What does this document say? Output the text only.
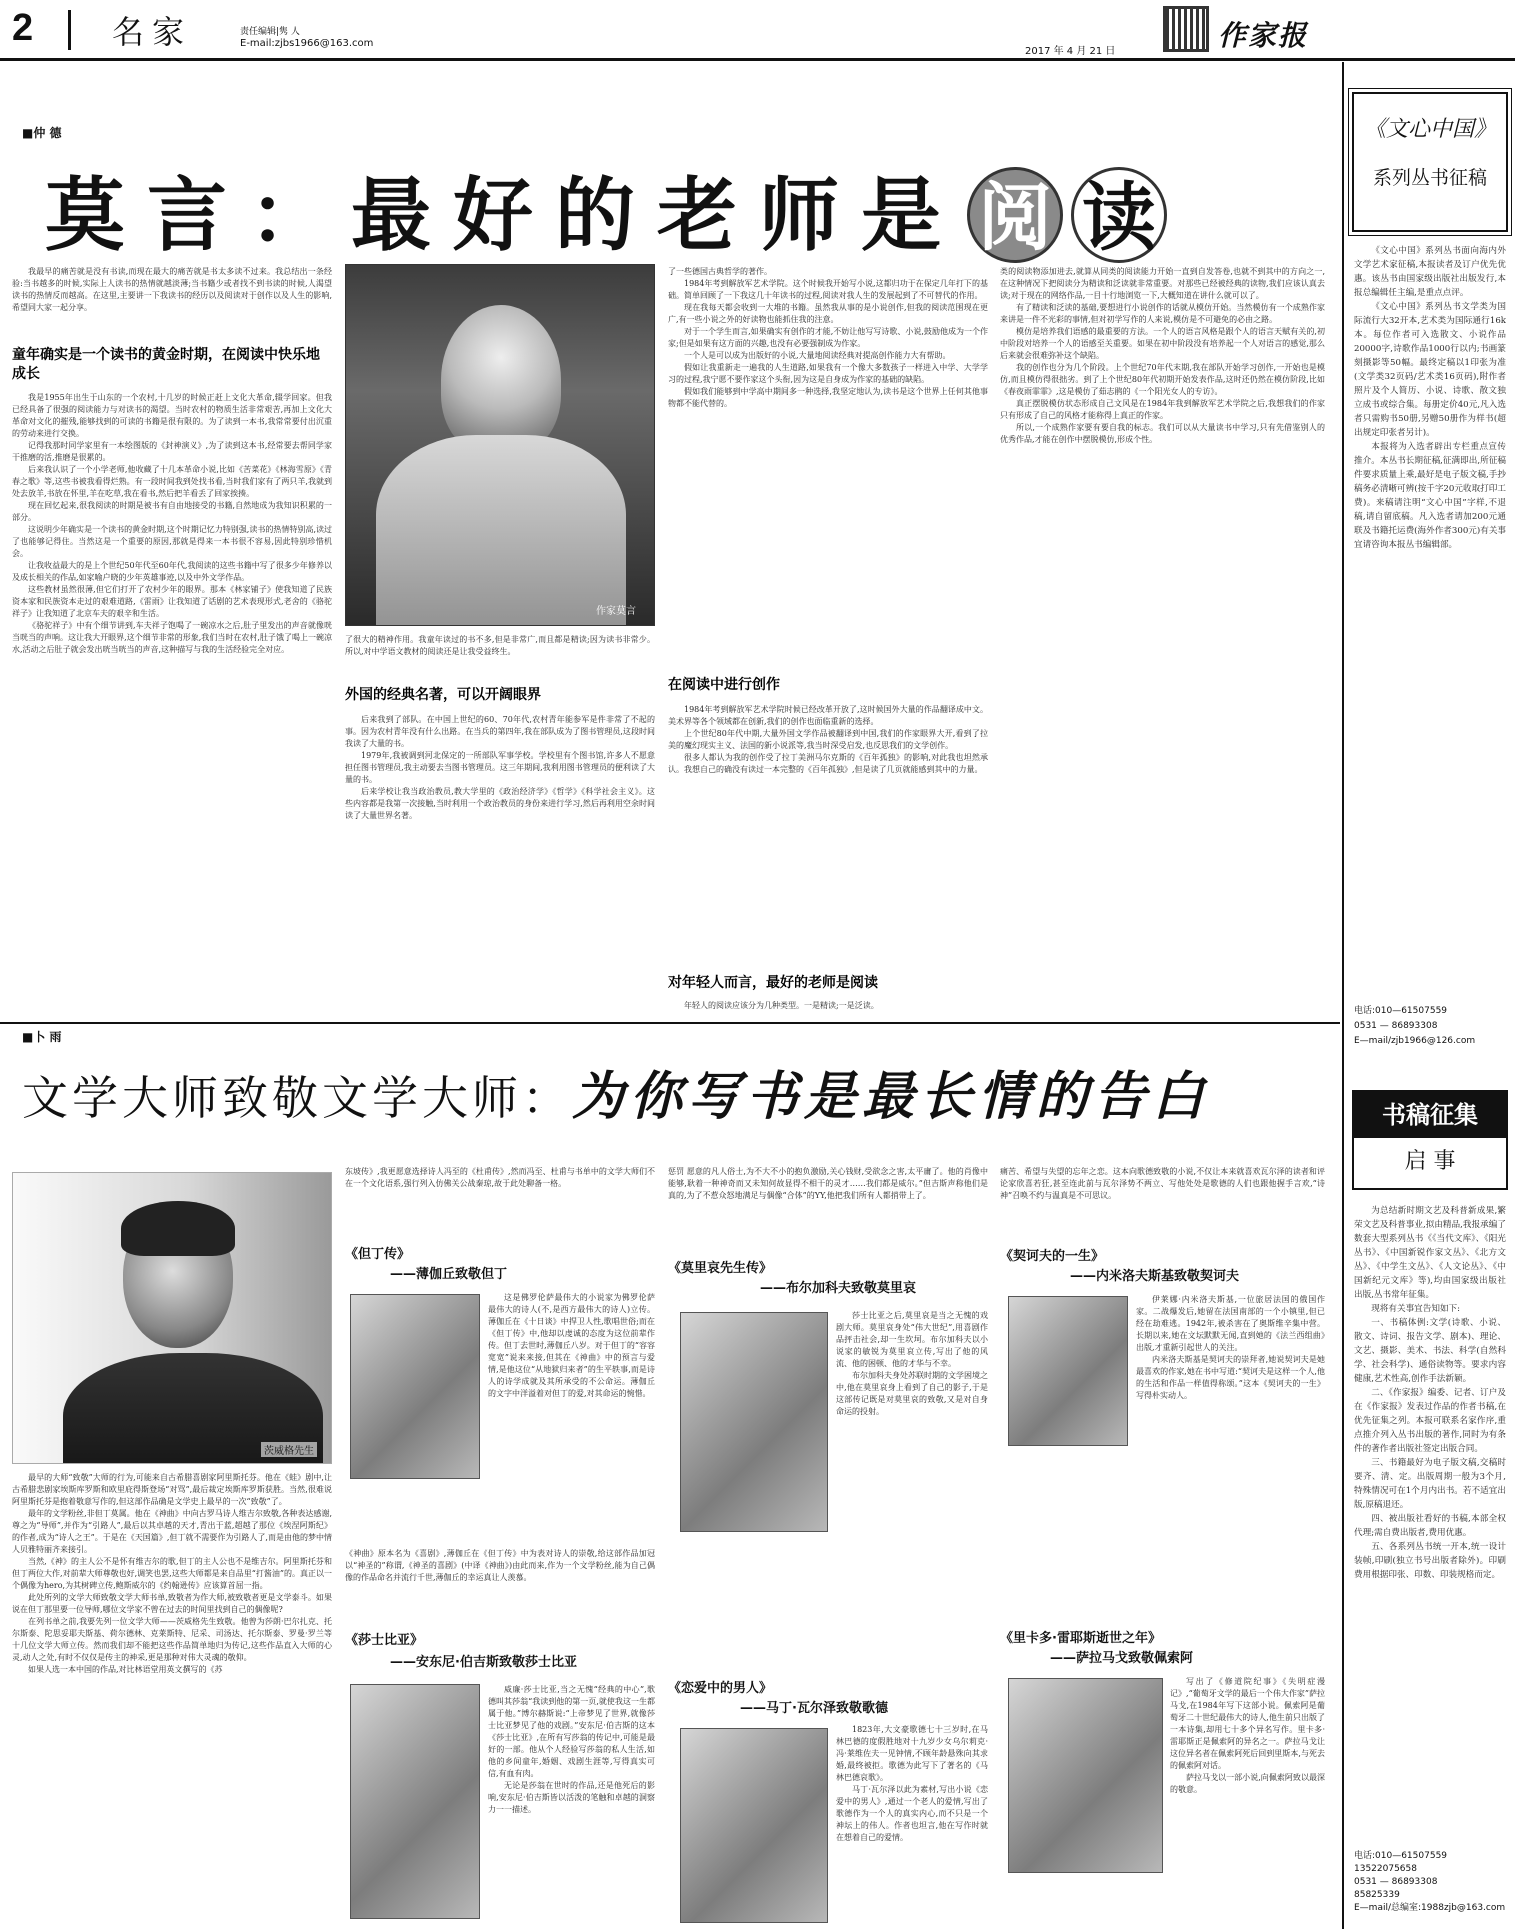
2 名家	责任编辑|隽 人
E-mail:zjbs1966@163.com
2017 年 4 月 21 日	作家报
■仲 德
莫言：最好的老师是 阅 读
我最早的痛苦就是没有书读,而现在最大的痛苦就是书太多读不过来。我总结出一条经验:当书越多的时候,实际上人读书的热情就越淡薄;当书籍少或者找不到书读的时候,人渴望读书的热情反而越高。在这里,主要讲一下我读书的经历以及阅读对于创作以及人生的影响,希望同大家一起分享。
童年确实是一个读书的黄金时期，在阅读中快乐地成长

我是1955年出生于山东的一个农村,十几岁的时候正赶上文化大革命,辍学回家。但我已经具备了很强的阅读能力与对读书的渴望。当时农村的物质生活非常艰苦,再加上文化大革命对文化的摧残,能够找到的可读的书籍是很有限的。为了读到一本书,我常常要付出沉重的劳动来进行交换。

记得我那时同学家里有一本绘图版的《封神演义》,为了读到这本书,经常要去帮同学家干推磨的活,推磨是很累的。

后来我认识了一个小学老师,他收藏了十几本革命小说,比如《苦菜花》《林海雪原》《青春之歌》等,这些书被我看得烂熟。有一段时间我到处找书看,当时我们家有了两只羊,我就到处去放羊,书放在怀里,羊在吃草,我在看书,然后把羊看丢了回家挨揍。

现在回忆起来,很我阅读的时期是被书有自由地接受的书籍,自然地成为我知识积累的一部分。

这说明少年确实是一个读书的黄金时期,这个时期记忆力特别强,读书的热情特别高,读过了也能够记得住。当然这是一个重要的原因,那就是得来一本书很不容易,因此特别珍惜机会。

让我收益最大的是上个世纪50年代至60年代,我阅读的这些书籍中写了很多少年修养以及成长相关的作品,如家喻户晓的少年英雄事迹,以及中外文学作品。

这些教材虽然很薄,但它们打开了农村少年的眼界。那本《林家铺子》使我知道了民族资本家和民族资本走过的艰难道路,《雷雨》让我知道了话剧的艺术表现形式,老舍的《骆驼祥子》让我知道了北京车夫的艰辛和生活。

《骆驼祥子》中有个细节讲到,车夫祥子饱喝了一碗凉水之后,肚子里发出的声音就像咣当咣当的声响。这让我大开眼界,这个细节非常的形象,我们当时在农村,肚子饿了喝上一碗凉水,活动之后肚子就会发出咣当咣当的声音,这种描写与我的生活经验完全对应。

作家莫言

了很大的精神作用。我童年读过的书不多,但是非常广,而且都是精读;因为读书非常少。所以,对中学语文教材的阅读还是让我受益终生。

外国的经典名著，可以开阔眼界

后来我到了部队。在中国上世纪的60、70年代,农村青年能参军是件非常了不起的事。因为农村青年没有什么出路。在当兵的第四年,我在部队成为了图书管理员,这段时间我读了大量的书。

1979年,我被调到河北保定的一所部队军事学校。学校里有个图书馆,许多人不愿意担任图书管理员,我主动要去当图书管理员。这三年期间,我利用图书管理员的便利读了大量的书。

后来学校让我当政治教员,教大学里的《政治经济学》《哲学》《科学社会主义》。这些内容都是我第一次接触,当时利用一个政治教员的身份来进行学习,然后再利用空余时间读了大量世界名著。

了一些德国古典哲学的著作。

1984年考到解放军艺术学院。这个时候我开始写小说,这都归功于在保定几年打下的基础。简单回顾了一下我这几十年读书的过程,阅读对我人生的发展起到了不可替代的作用。

现在我每天都会收到一大堆的书籍。虽然我从事的是小说创作,但我的阅读范围现在更广,有一些小说之外的好读物也能抓住我的注意。

对于一个学生而言,如果确实有创作的才能,不妨让他写写诗歌、小说,鼓励他成为一个作家;但是如果有这方面的兴趣,也没有必要强制成为作家。

一个人是可以成为出版好的小说,大量地阅读经典对提高创作能力大有帮助。

假如让我重新走一遍我的人生道路,如果我有一个像大多数孩子一样进入中学、大学学习的过程,我宁愿不要作家这个头衔,因为这是自身成为作家的基础的缺陷。

假如我们能够到中学高中期间多一种选择,我坚定地认为,读书是这个世界上任何其他事物都不能代替的。

在阅读中进行创作

1984年考到解放军艺术学院时候已经改革开放了,这时候国外大量的作品翻译成中文。美术界等各个领域都在创新,我们的创作也面临重新的选择。

上个世纪80年代中期,大量外国文学作品被翻译到中国,我们的作家眼界大开,看到了拉美的魔幻现实主义、法国的新小说派等,我当时深受启发,也反思我们的文学创作。

很多人都认为我的创作受了拉丁美洲马尔克斯的《百年孤独》的影响,对此我也坦然承认。我想自己的确没有读过一本完整的《百年孤独》,但是读了几页就能感到其中的力量。

对年轻人而言，最好的老师是阅读
年轻人的阅读应该分为几种类型。一是精读;一是泛读。

类的阅读物添加进去,就算从同类的阅读能力开始一直到自发答卷,也就不到其中的方向之一,在这种情况下把阅读分为精读和泛读就非常重要。对那些已经被经典的读物,我们应该认真去读;对于现在的网络作品,一目十行地浏览一下,大概知道在讲什么就可以了。

有了精读和泛读的基础,要想进行小说创作的话就从模仿开始。当然模仿有一个成熟作家来讲是一件不光彩的事情,但对初学写作的人来说,模仿是不可避免的必由之路。

模仿是培养我们语感的最重要的方法。一个人的语言风格是跟个人的语言天赋有关的,初中阶段对培养一个人的语感至关重要。如果在初中阶段没有培养起一个人对语言的感觉,那么后来就会很难弥补这个缺陷。

我的创作也分为几个阶段。上个世纪70年代末期,我在部队开始学习创作,一开始也是模仿,而且模仿得很拙劣。到了上个世纪80年代初期开始发表作品,这时还仍然在模仿阶段,比如《春夜雨霏霏》,这是模仿了茹志鹃的《一个阳光女人的专访》。

真正摆脱模仿状态形成自己文风是在1984年我到解放军艺术学院之后,我想我们的作家只有形成了自己的风格才能称得上真正的作家。

所以,一个成熟作家要有要自我的标志。我们可以从大量读书中学习,只有先借鉴别人的优秀作品,才能在创作中摆脱模仿,形成个性。

■卜 雨
文学大师致敬文学大师：为你写书是最长情的告白
茨威格先生

最早的大师“致敬”大师的行为,可能来自古希腊喜剧家阿里斯托芬。他在《蛙》剧中,让古希腊悲剧家埃斯库罗斯和欧里庇得斯登场“对骂”,最后裁定埃斯库罗斯获胜。当然,很难说阿里斯托芬是抱着敬意写作的,但这部作品确是文学史上最早的一次“致敬”了。

最年的文学粉丝,非但丁莫属。他在《神曲》中向古罗马诗人维吉尔致敬,各种表达感谢,尊之为“导师”,并作为“引路人”,最后以其卓越的天才,青出于蓝,超越了那位《埃涅阿斯纪》的作者,成为“诗人之王”。于是在《天国篇》,但丁就不需要作为引路人了,而是由他的梦中情人贝雅特丽齐来接引。

当然,《神》的主人公不是怀有维吉尔的歌,但丁的主人公也不是维吉尔。阿里斯托芬和但丁两位大作,对前辈大师尊敬也好,调笑也罢,这些大师都是来自品里“打酱油”的。真正以一个偶像为hero,为其树碑立传,鲍斯威尔的《约翰逊传》应该算首屈一指。

此处所列的文学大师致敬文学大师书单,致敬者为作大师,被致敬者更是文学泰斗。如果说在但丁那里要一位导师,哪位文学家不曾在过去的时间里找到自己的偶像呢?

在列书单之前,我要先列一位文学大师——茨威格先生致敬。他曾为莎朗·巴尔扎克、托尔斯泰、陀思妥耶夫斯基、荷尔德林、克莱斯特、尼采、司汤达、托尔斯泰、罗曼·罗兰等十几位文学大师立传。然而我们却不能把这些作品简单地归为传记,这些作品直入大师的心灵,动人之处,有时不仅仅是传主的神采,更是那种对伟大灵魂的敬仰。

如果人选一本中国的作品,对比林语堂用英文撰写的《苏

东坡传》,我更愿意选择诗人冯至的《杜甫传》,然而冯至、杜甫与书单中的文学大师们不在一个文化语系,强行列入仿佛关公战秦琼,故于此处聊备一格。
《但丁传》
——薄伽丘致敬但丁

这是佛罗伦萨最伟大的小说家为佛罗伦萨最伟大的诗人(不,是西方最伟大的诗人)立传。薄伽丘在《十日谈》中捍卫人性,歌唱世俗;而在《但丁传》中,他却以虔诚的态度为这位前辈作传。但丁去世时,薄伽丘八岁。对于但丁的“容容宽宽”说来来接,但其在《神曲》中的预言与爱情,是他这位“从地狱归来者”的生平轶事,而是诗人的诗学成就及其所承受的不公命运。薄伽丘的文字中洋溢着对但丁的爱,对其命运的惋惜。

《神曲》原本名为《喜剧》,薄伽丘在《但丁传》中为表对诗人的崇敬,给这部作品加冠以“神圣的”称谓,《神圣的喜剧》(中译《神曲》)由此而来,作为一个文学粉丝,能为自己偶像的作品命名并流行千世,薄伽丘的幸运真让人羡慕。
《莎士比亚》
——安东尼·伯吉斯致敬莎士比亚

威廉·莎士比亚,当之无愧“经典的中心”,歌德叫其莎翁“我读到他的第一页,就使我这一生都属于他。”博尔赫斯说:“上帝梦见了世界,就像莎士比亚梦见了他的戏剧。”安东尼·伯吉斯的这本《莎士比亚》,在所有写莎翁的传记中,可能是最好的一部。他从个人经验写莎翁的私人生活,如他的乡间童年,婚姻、戏剧生涯等,写得真实可信,有血有肉。

无论是莎翁在世时的作品,还是他死后的影响,安东尼·伯吉斯皆以活泼的笔触和卓越的洞察力一一描述。

惩罚 愿意的凡人俗士,为不大不小的抱负激励,关心钱财,受欲念之害,太平庸了。他的肖像中能够,耿着一种神奇而又未知何故显得不相干的灵才……我们都是威尔。”但吉斯声称他们是真的,为了不惹众怒地满足与偶像“合体”的YY,他把我们所有人都捎带上了。
《莫里哀先生传》
——布尔加科夫致敬莫里哀

莎士比亚之后,莫里哀是当之无愧的戏剧大师。莫里哀身处“伟大世纪”,用喜剧作品抨击社会,却一生坎坷。布尔加科夫以小说家的敏锐为莫里哀立传,写出了他的风流、他的困顿、他的才华与不幸。

布尔加科夫身处苏联时期的文学困境之中,他在莫里哀身上看到了自己的影子,于是这部传记既是对莫里哀的致敬,又是对自身命运的投射。

《恋爱中的男人》
——马丁·瓦尔泽致敬歌德

1823年,大文豪歌德七十三岁时,在马林巴德的度假胜地对十九岁少女乌尔莉克·冯·莱维佐夫一见钟情,不顾年龄悬殊向其求婚,最终被拒。歌德为此写下了著名的《马林巴德哀歌》。

马丁·瓦尔泽以此为素材,写出小说《恋爱中的男人》,通过一个老人的爱情,写出了歌德作为一个人的真实内心,而不只是一个神坛上的伟人。作者也坦言,他在写作时就在想着自己的爱情。

痛苦、希望与失望的忘年之恋。这本向歌德致敬的小说,不仅让本来就喜欢瓦尔泽的读者和评论家欣喜若狂,甚至连此前与瓦尔泽势不两立、写他处处是歌德的人们也跟他握手言欢,“诗神”召唤不约与温真是不可思议。
《契诃夫的一生》
——内米洛夫斯基致敬契诃夫

伊莱娜·内米洛夫斯基,一位旅居法国的俄国作家。二战爆发后,她留在法国南部的一个小镇里,但已经在劫难逃。1942年,被杀害在了奥斯维辛集中营。长期以来,她在文坛默默无闻,直到她的《法兰西组曲》出版,才重新引起世人的关注。

内米洛夫斯基是契诃夫的崇拜者,她说契诃夫是她最喜欢的作家,她在书中写道:“契诃夫是这样一个人,他的生活和作品一样值得称颂。”这本《契诃夫的一生》写得朴实动人。

《里卡多·雷耶斯逝世之年》
——萨拉马戈致敬佩索阿

写出了《修道院纪事》《失明症漫记》,“葡萄牙文学的最后一个伟大作家”萨拉马戈,在1984年写下这部小说。佩索阿是葡萄牙二十世纪最伟大的诗人,他生前只出版了一本诗集,却用七十多个异名写作。里卡多·雷耶斯正是佩索阿的异名之一。萨拉马戈让这位异名者在佩索阿死后回到里斯本,与死去的佩索阿对话。

萨拉马戈以一部小说,向佩索阿致以最深的敬意。

《文心中国》
系列丛书征稿

《文心中国》系列丛书面向海内外文学艺术家征稿,本报读者及订户优先优惠。该丛书由国家级出版社出版发行,本报总编辑任主编,是重点点评。

《文心中国》系列丛书文学类为国际流行大32开本,艺术类为国际通行16k本。每位作者可入选散文、小说作品20000字,诗歌作品1000行以内;书画篆刻摄影等50幅。最终定稿以1印张为准(文学类32页码/艺术类16页码),附作者照片及个人简历、小说、诗歌、散文独立成书或综合集。每册定价40元,凡入选者只需购书50册,另赠50册作为样书(超出规定印张者另计)。

本报将为入选者辟出专栏重点宣传推介。本丛书长期征稿,征满即出,所征稿件要求质量上乘,最好是电子版文稿,手抄稿务必清晰可辨(按千字20元收取打印工费)。来稿请注明“文心中国”字样,不退稿,请自留底稿。凡入选者请加200元通联及书籍托运费(海外作者300元)有关事宜请咨询本报丛书编辑部。

电话:010—61507559
0531 — 86893308
E—mail/zjb1966@126.com
书稿征集
启 事

为总结新时期文艺及科普新成果,繁荣文艺及科普事业,拟由精品,我报承编了数套大型系列丛书《《当代文库》、《阳光丛书》、《中国新锐作家文丛》、《北方文丛》、《中学生文丛》、《人文论丛》、《中国新纪元文库》等),均由国家级出版社出版,丛书常年征集。

现将有关事宜告知如下:

一、书稿体例:文学(诗歌、小说、散文、诗词、报告文学、剧本)、理论、文艺、摄影、美术、书法、科学(自然科学、社会科学)、通俗读物等。要求内容健康,艺术性高,创作手法新颖。

二、《作家报》编委、记者、订户及在《作家报》发表过作品的作者书稿,在优先征集之列。本报可联系名家作序,重点推介列入丛书出版的著作,同时为有条件的著作者出版社签定出版合同。

三、书籍最好为电子版文稿,交稿时要齐、清、定。出版周期一般为3个月,特殊情况可在1个月内出书。若不适宜出版,原稿退还。

四、被出版社看好的书稿,本部全权代理;需自费出版者,费用优惠。

五、各系列丛书统一开本,统一设计装帧,印刷(独立书号出版者除外)。印刷费用根据印张、印数、印装规格而定。

电话:010—61507559
13522075658
0531 — 86893308
85825339
E—mail/总编室:1988zjb@163.com
